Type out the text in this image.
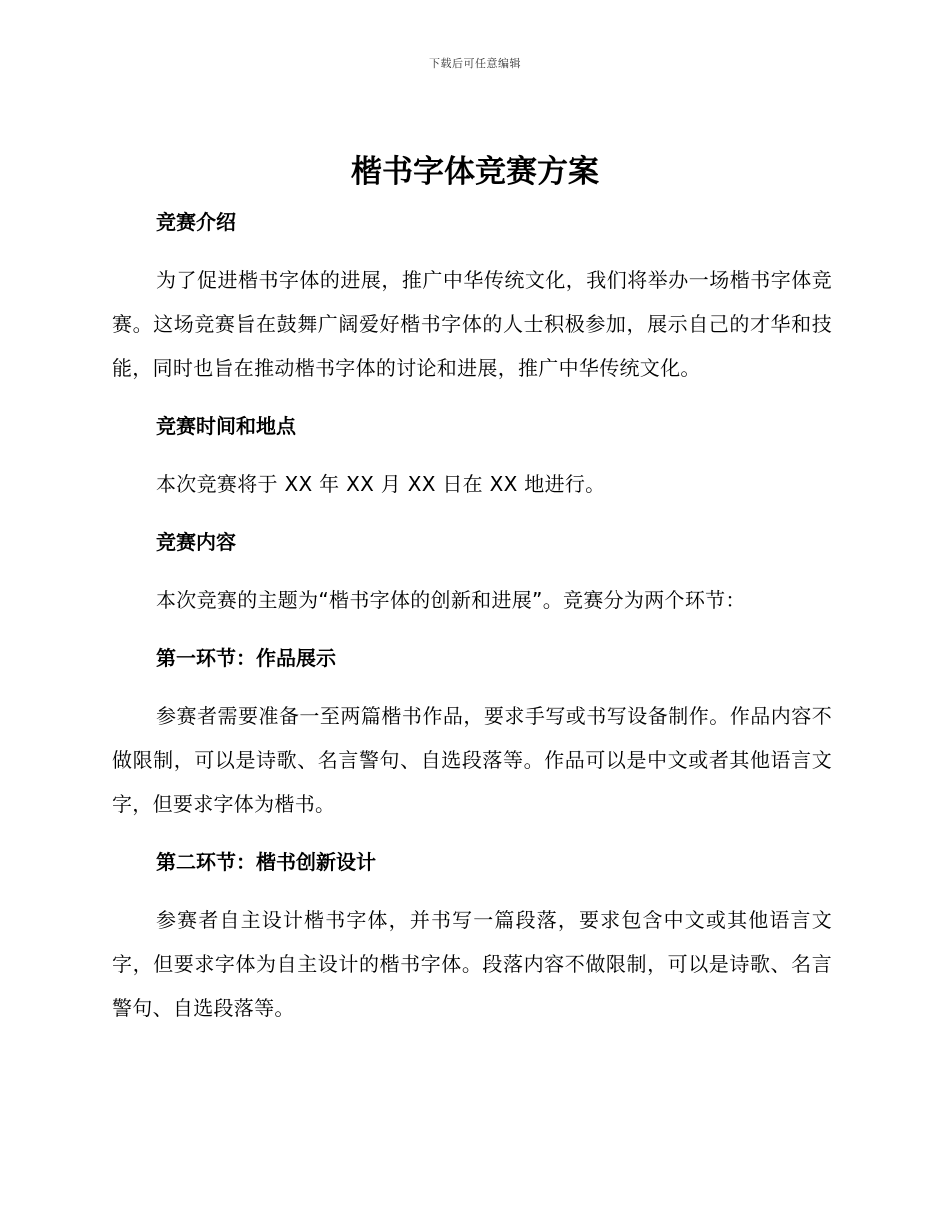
下载后可任意编辑
楷书字体竞赛方案

竞赛介绍

为了促进楷书字体的进展，推广中华传统文化，我们将举办一场楷书字体竞赛。这场竞赛旨在鼓舞广阔爱好楷书字体的人士积极参加，展示自己的才华和技能，同时也旨在推动楷书字体的讨论和进展，推广中华传统文化。

竞赛时间和地点

本次竞赛将于 XX 年 XX 月 XX 日在 XX 地进行。

竞赛内容

本次竞赛的主题为“楷书字体的创新和进展”。竞赛分为两个环节：

第一环节：作品展示

参赛者需要准备一至两篇楷书作品，要求手写或书写设备制作。作品内容不做限制，可以是诗歌、名言警句、自选段落等。作品可以是中文或者其他语言文字，但要求字体为楷书。

第二环节：楷书创新设计

参赛者自主设计楷书字体，并书写一篇段落，要求包含中文或其他语言文字，但要求字体为自主设计的楷书字体。段落内容不做限制，可以是诗歌、名言警句、自选段落等。
